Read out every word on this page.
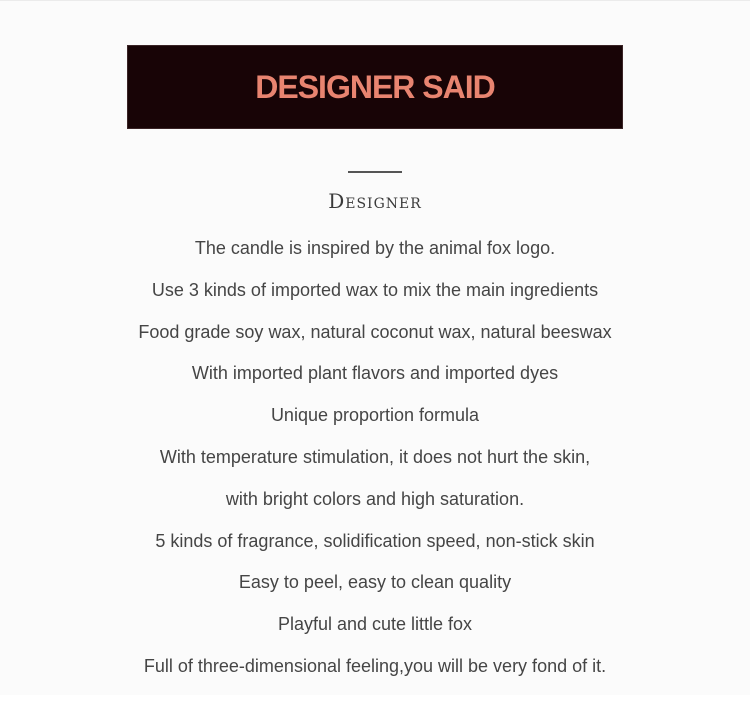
DESIGNER SAID
Designer
The candle is inspired by the animal fox logo.
Use 3 kinds of imported wax to mix the main ingredients
Food grade soy wax, natural coconut wax, natural beeswax
With imported plant flavors and imported dyes
Unique proportion formula
With temperature stimulation, it does not hurt the skin,
with bright colors and high saturation.
5 kinds of fragrance, solidification speed, non-stick skin
Easy to peel, easy to clean quality
Playful and cute little fox
Full of three-dimensional feeling,you will be very fond of it.
